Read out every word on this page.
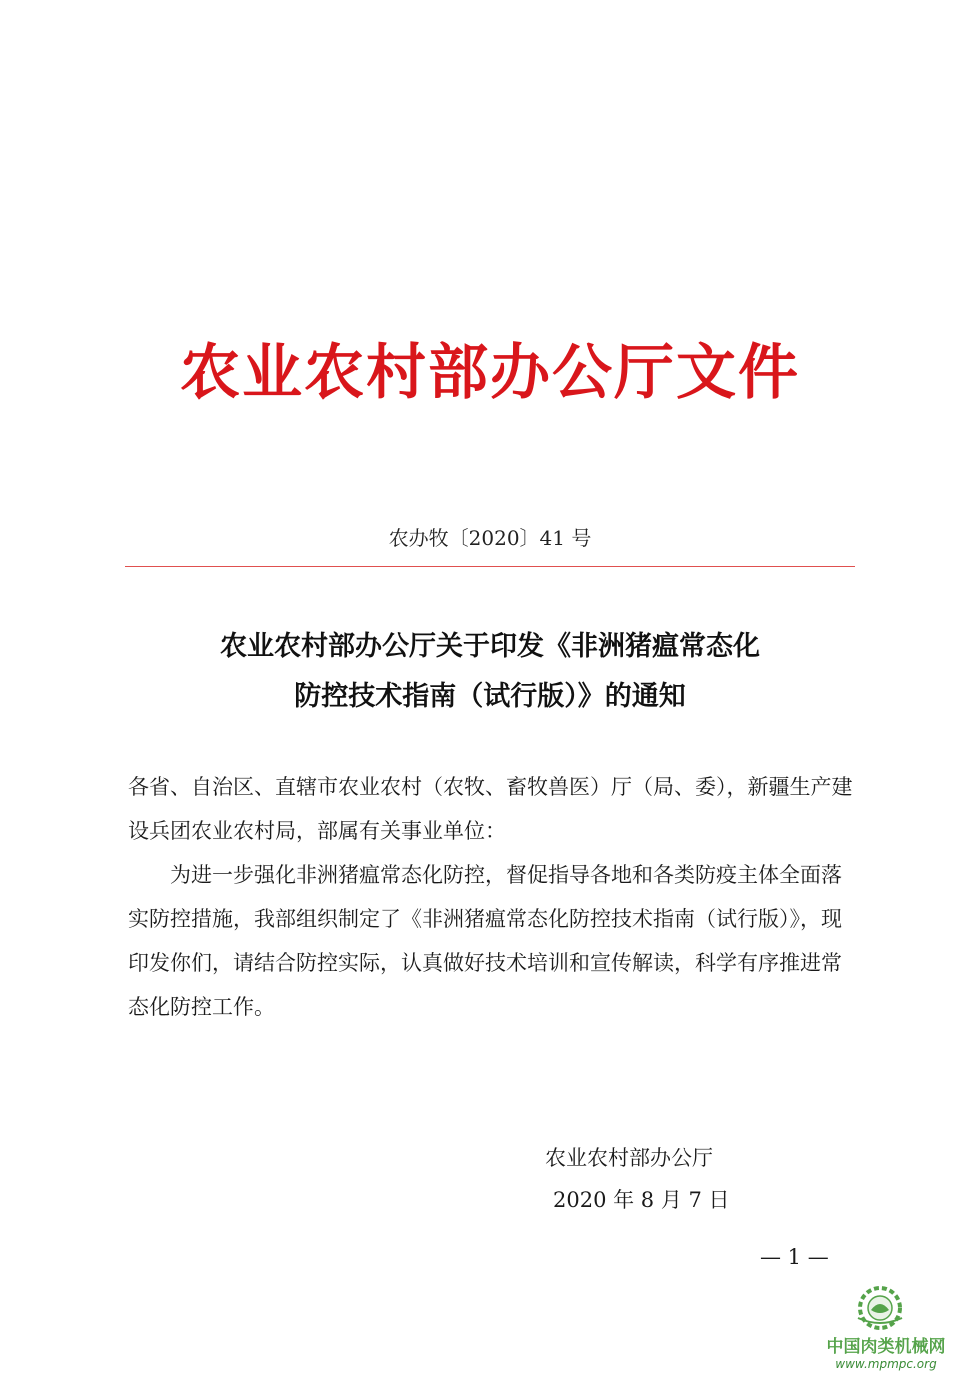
农业农村部办公厅文件
农办牧〔2020〕41 号
农业农村部办公厅关于印发《非洲猪瘟常态化
防控技术指南（试行版）》的通知

各省、自治区、直辖市农业农村（农牧、畜牧兽医）厅（局、委），新疆生产建设兵团农业农村局，部属有关事业单位：

为进一步强化非洲猪瘟常态化防控，督促指导各地和各类防疫主体全面落实防控措施，我部组织制定了《非洲猪瘟常态化防控技术指南（试行版）》，现印发你们，请结合防控实际，认真做好技术培训和宣传解读，科学有序推进常态化防控工作。

农业农村部办公厅
2020 年 8 月 7 日
— 1 —
中国肉类机械网
www.mpmpc.org
